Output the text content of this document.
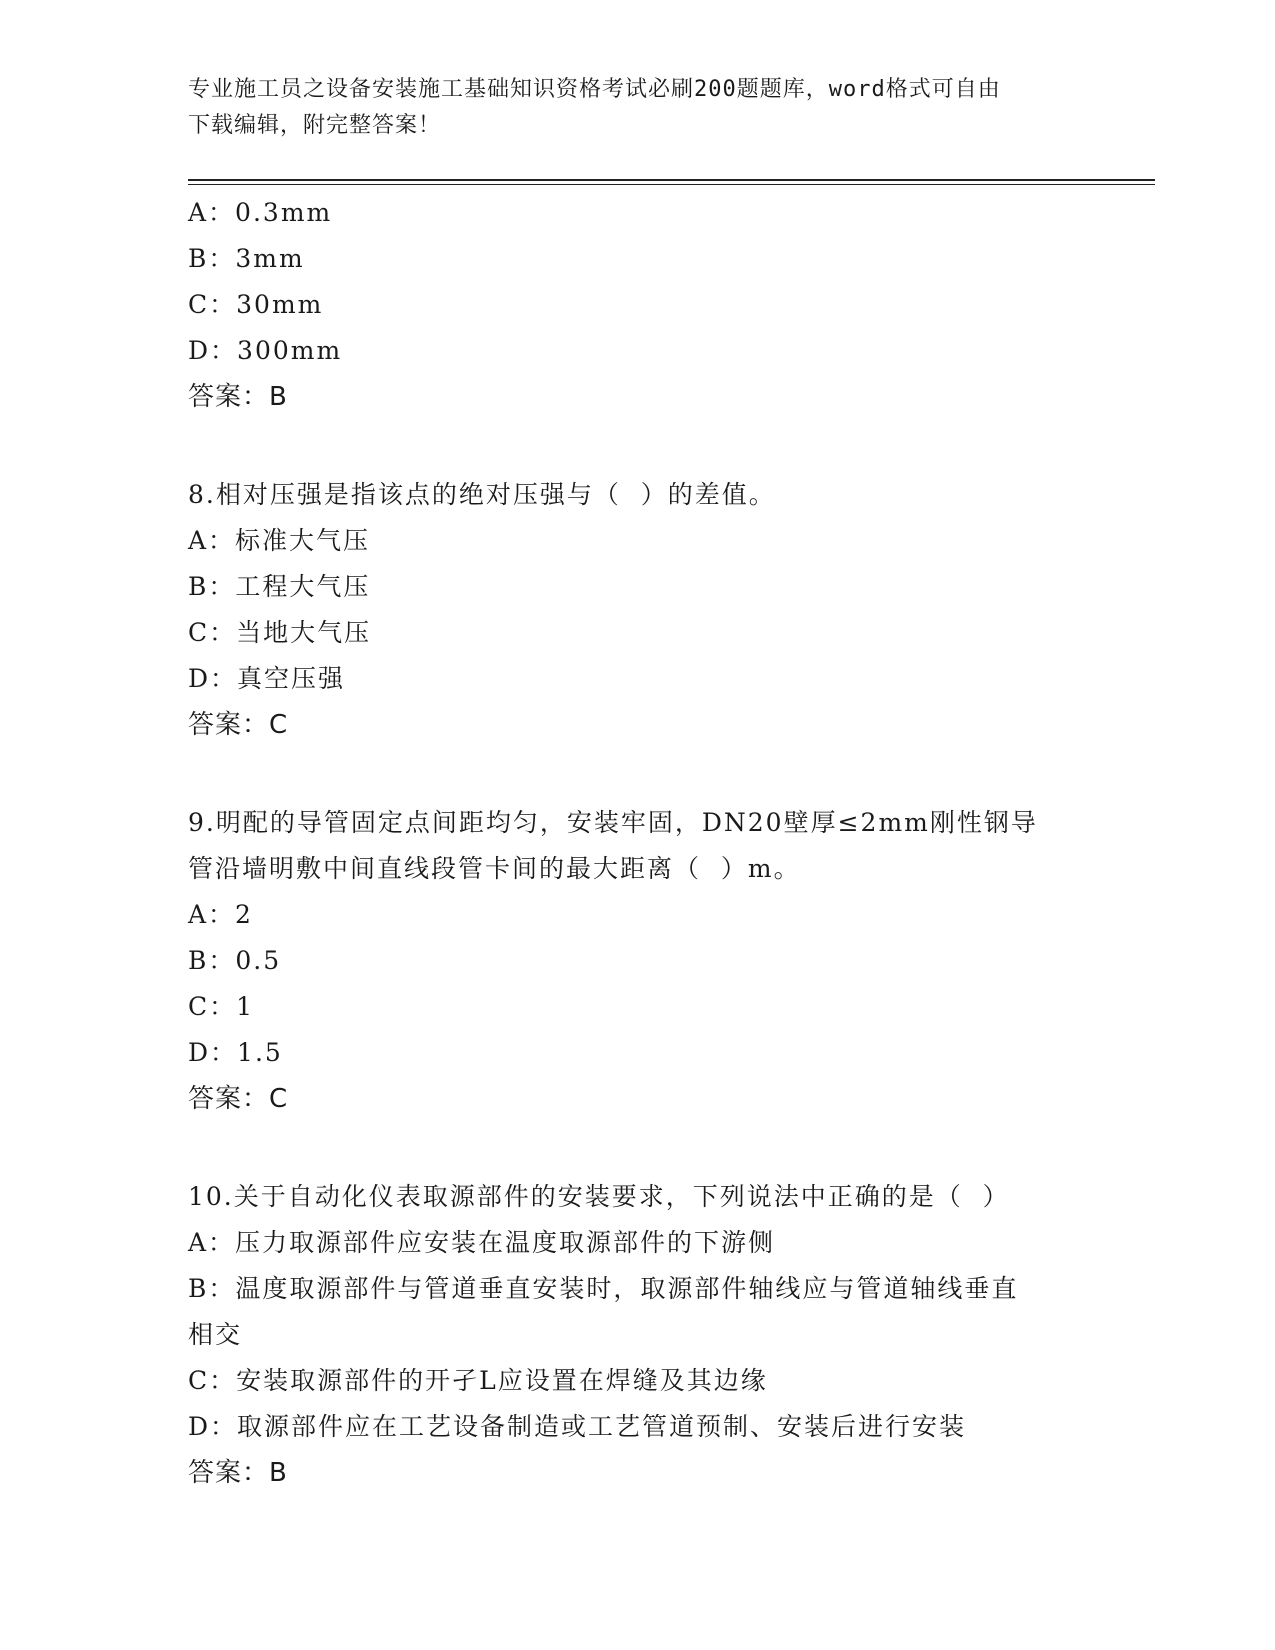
专业施工员之设备安装施工基础知识资格考试必刷200题题库，word格式可自由
下载编辑，附完整答案！
A：0.3mm
B：3mm
C：30mm
D：300mm
答案：B
8.相对压强是指该点的绝对压强与（  ）的差值。
A：标准大气压
B：工程大气压
C：当地大气压
D：真空压强
答案：C
9.明配的导管固定点间距均匀，安装牢固，DN20壁厚≤2mm刚性钢导
管沿墙明敷中间直线段管卡间的最大距离（  ）m。
A：2
B：0.5
C：1
D：1.5
答案：C
10.关于自动化仪表取源部件的安装要求，下列说法中正确的是（  ）
A：压力取源部件应安装在温度取源部件的下游侧
B：温度取源部件与管道垂直安装时，取源部件轴线应与管道轴线垂直
相交
C：安装取源部件的开孑L应设置在焊缝及其边缘
D：取源部件应在工艺设备制造或工艺管道预制、安装后进行安装
答案：B
